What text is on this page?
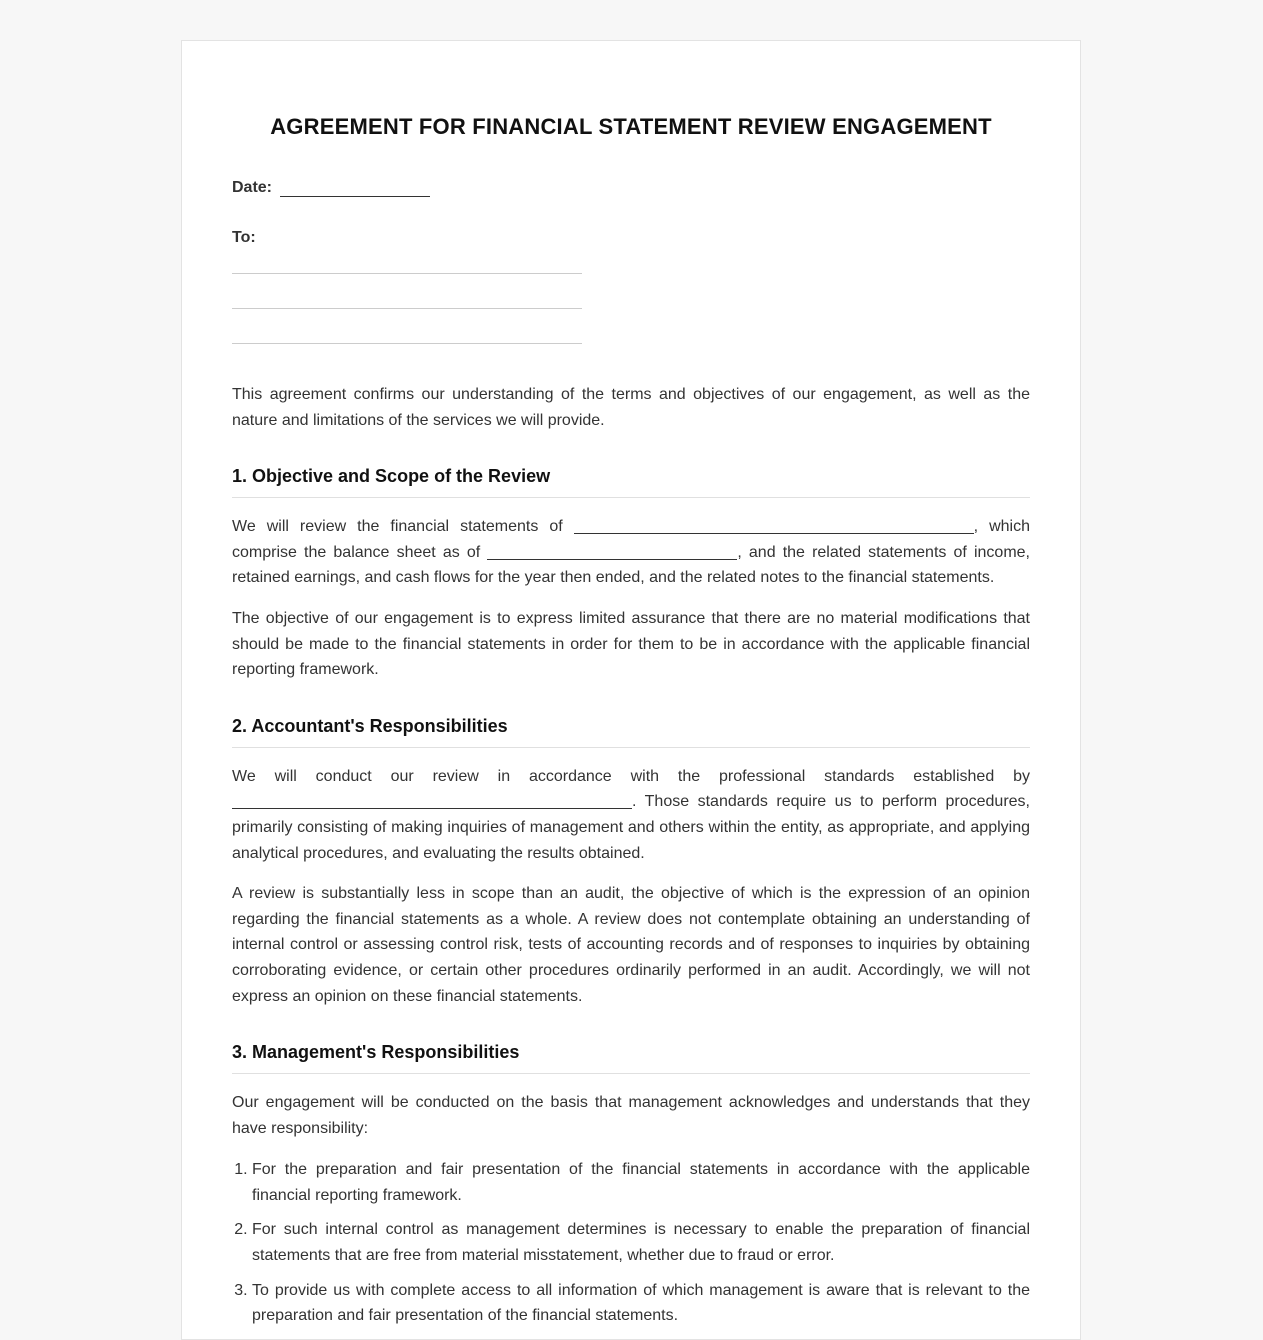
AGREEMENT FOR FINANCIAL STATEMENT REVIEW ENGAGEMENT
Date:
To:

This agreement confirms our understanding of the terms and objectives of our engagement, as well as the nature and limitations of the services we will provide.

1. Objective and Scope of the Review

We will review the financial statements of	, which comprise the balance sheet as of	, and the related statements of income, retained earnings, and cash flows for the year then ended, and the related notes to the financial statements.

The objective of our engagement is to express limited assurance that there are no material modifications that should be made to the financial statements in order for them to be in accordance with the applicable financial reporting framework.

2. Accountant's Responsibilities

We will conduct our review in accordance with the professional standards established by . Those standards require us to perform procedures, primarily consisting of making inquiries of management and others within the entity, as appropriate, and applying analytical procedures, and evaluating the results obtained.

A review is substantially less in scope than an audit, the objective of which is the expression of an opinion regarding the financial statements as a whole. A review does not contemplate obtaining an understanding of internal control or assessing control risk, tests of accounting records and of responses to inquiries by obtaining corroborating evidence, or certain other procedures ordinarily performed in an audit. Accordingly, we will not express an opinion on these financial statements.

3. Management's Responsibilities

Our engagement will be conducted on the basis that management acknowledges and understands that they have responsibility:

1. For the preparation and fair presentation of the financial statements in accordance with the applicable financial reporting framework.
2. For such internal control as management determines is necessary to enable the preparation of financial statements that are free from material misstatement, whether due to fraud or error.
3. To provide us with complete access to all information of which management is aware that is relevant to the preparation and fair presentation of the financial statements.
